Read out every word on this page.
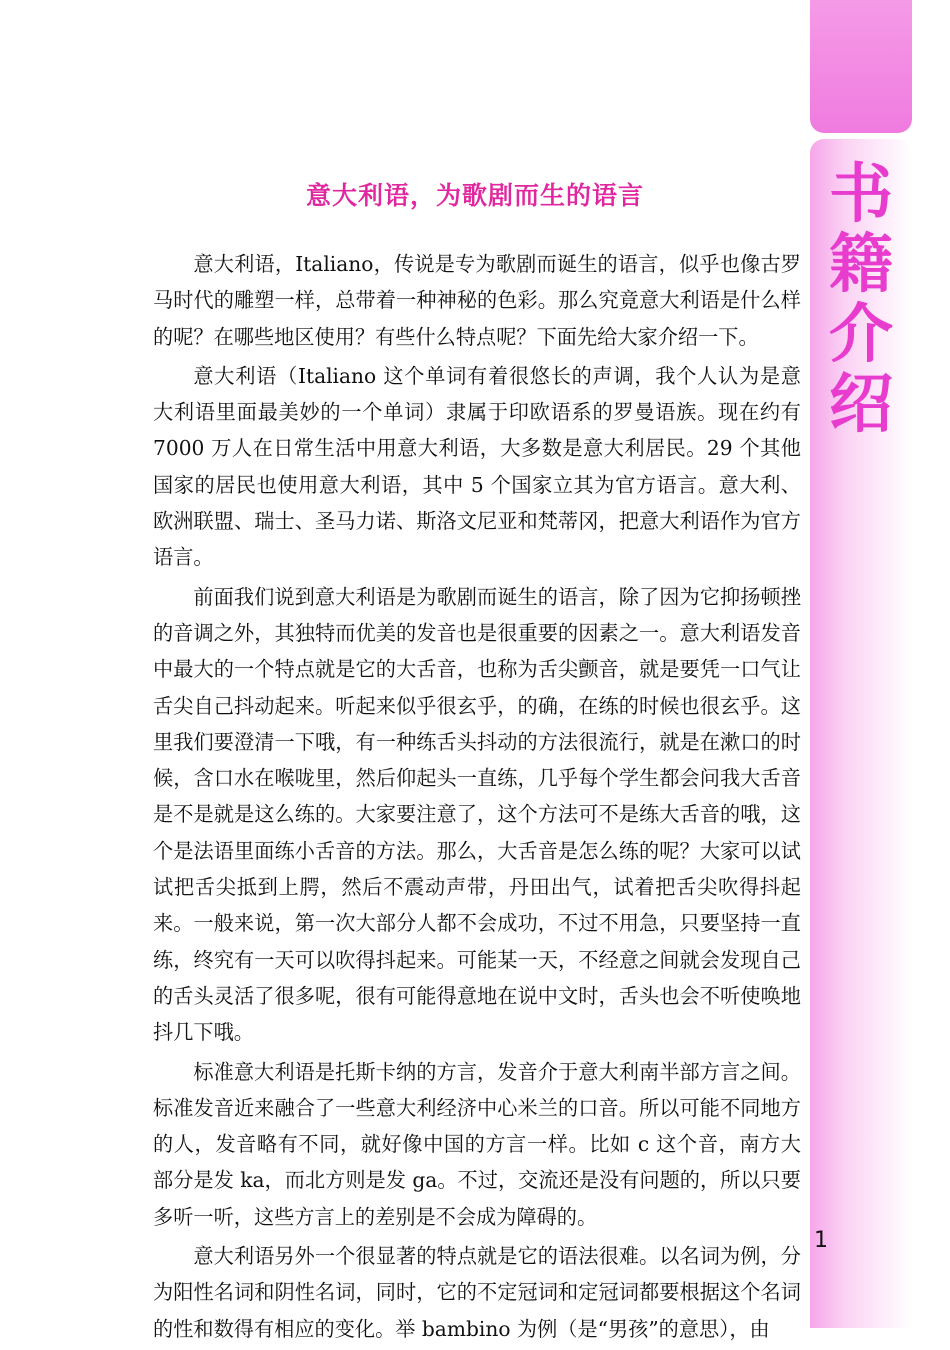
书
籍
介
绍
意大利语，为歌剧而生的语言

意大利语，Italiano，传说是专为歌剧而诞生的语言，似乎也像古罗马时代的雕塑一样，总带着一种神秘的色彩。那么究竟意大利语是什么样的呢？在哪些地区使用？有些什么特点呢？下面先给大家介绍一下。

意大利语（Italiano 这个单词有着很悠长的声调，我个人认为是意大利语里面最美妙的一个单词）隶属于印欧语系的罗曼语族。现在约有7000 万人在日常生活中用意大利语，大多数是意大利居民。29 个其他国家的居民也使用意大利语，其中 5 个国家立其为官方语言。意大利、欧洲联盟、瑞士、圣马力诺、斯洛文尼亚和梵蒂冈，把意大利语作为官方语言。

前面我们说到意大利语是为歌剧而诞生的语言，除了因为它抑扬顿挫的音调之外，其独特而优美的发音也是很重要的因素之一。意大利语发音中最大的一个特点就是它的大舌音，也称为舌尖颤音，就是要凭一口气让舌尖自己抖动起来。听起来似乎很玄乎，的确，在练的时候也很玄乎。这里我们要澄清一下哦，有一种练舌头抖动的方法很流行，就是在漱口的时候，含口水在喉咙里，然后仰起头一直练，几乎每个学生都会问我大舌音是不是就是这么练的。大家要注意了，这个方法可不是练大舌音的哦，这个是法语里面练小舌音的方法。那么，大舌音是怎么练的呢？大家可以试试把舌尖抵到上腭，然后不震动声带，丹田出气，试着把舌尖吹得抖起来。一般来说，第一次大部分人都不会成功，不过不用急，只要坚持一直练，终究有一天可以吹得抖起来。可能某一天，不经意之间就会发现自己的舌头灵活了很多呢，很有可能得意地在说中文时，舌头也会不听使唤地抖几下哦。

标准意大利语是托斯卡纳的方言，发音介于意大利南半部方言之间。标准发音近来融合了一些意大利经济中心米兰的口音。所以可能不同地方的人，发音略有不同，就好像中国的方言一样。比如 c 这个音，南方大部分是发 ka，而北方则是发 ga。不过，交流还是没有问题的，所以只要多听一听，这些方言上的差别是不会成为障碍的。

意大利语另外一个很显著的特点就是它的语法很难。以名词为例，分为阳性名词和阴性名词，同时，它的不定冠词和定冠词都要根据这个名词的性和数得有相应的变化。举 bambino 为例（是“男孩”的意思），由

1
